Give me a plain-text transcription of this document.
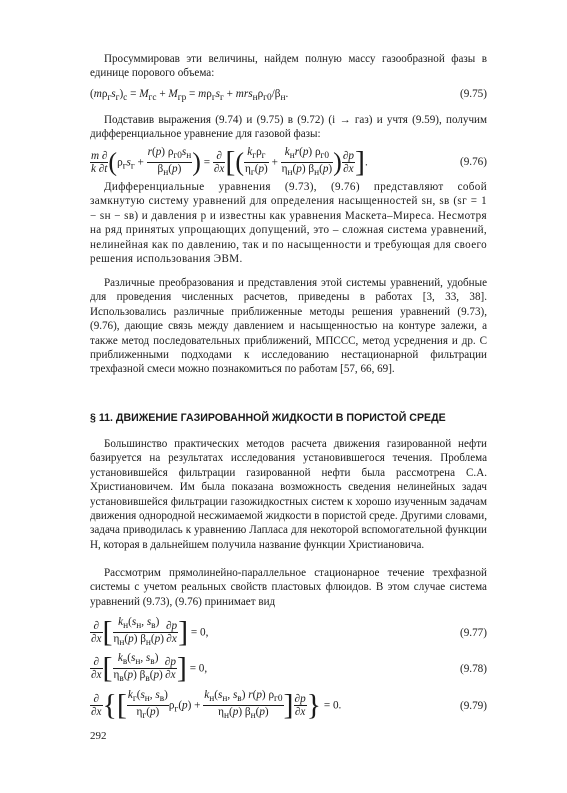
Просуммировав эти величины, найдем полную массу газообразной фазы в единице порового объема:

$(m\rho_гs_г)_с = M_{гс} + M_{гр} = m\rho_гs_г + mrs_н\rho_{г0}/\beta_н$.	(9.75)

Подставив выражения (9.74) и (9.75) в (9.72) (i → газ) и учтя (9.59), получим дифференциальное уравнение для газовой фазы:

$\frac{m \partial}{k \partial t} (\rho_гs_г + \frac{r(p) \rho_{г0}s_н}{\beta_н(p)}$ ) = $\frac{\partial}{\partial x}$ [( $\frac{k_г\rho_г}{\eta_г(p)} + \frac{k_нr(p) \rho_{г0}}{\eta_н(p) \beta_н(p)}$ ) $\frac{\partial p}{\partial x}$ ].	(9.76)

Дифференциальные уравнения (9.73), (9.76) представляют собой замкнутую систему уравнений для определения насыщенностей sн, sв (sг = 1 − sн − sв) и давления p и известны как уравнения Маскета–Миреса. Несмотря на ряд принятых упрощающих допущений, это – сложная система уравнений, нелинейная как по давлению, так и по насыщенности и требующая для своего решения использования ЭВМ.

Различные преобразования и представления этой системы уравнений, удобные для проведения численных расчетов, приведены в работах [3, 33, 38]. Использовались различные приближенные методы решения уравнений (9.73), (9.76), дающие связь между давлением и насыщенностью на контуре залежи, а также метод последовательных приближений, МПССС, метод усреднения и др. С приближенными подходами к исследованию нестационарной фильтрации трехфазной смеси можно познакомиться по работам [57, 66, 69].

§ 11. ДВИЖЕНИЕ ГАЗИРОВАННОЙ ЖИДКОСТИ В ПОРИСТОЙ СРЕДЕ

Большинство практических методов расчета движения газированной нефти базируется на результатах исследования установившегося течения. Проблема установившейся фильтрации газированной нефти была рассмотрена С.А. Христиановичем. Им была показана возможность сведения нелинейных задач установившейся фильтрации газожидкостных систем к хорошо изученным задачам движения однородной несжимаемой жидкости в пористой среде. Другими словами, задача приводилась к уравнению Лапласа для некоторой вспомогательной функции H, которая в дальнейшем получила название функции Христиановича.

Рассмотрим прямолинейно-параллельное стационарное течение трехфазной системы с учетом реальных свойств пластовых флюидов. В этом случае система уравнений (9.73), (9.76) принимает вид

$\frac{\partial}{\partial x}$ [ $\frac{k_н(s_н, s_в)}{\eta_н(p) \beta_н(p)} \frac{\partial p}{\partial x}$ ] = 0,	(9.77)
$\frac{\partial}{\partial x}$ [ $\frac{k_в(s_н, s_в)}{\eta_в(p) \beta_в(p)} \frac{\partial p}{\partial x}$ ] = 0,	(9.78)
$\frac{\partial}{\partial x}$ {[ $\frac{k_г(s_н, s_в)}{\eta_г(p)} \rho_г(p) + \frac{k_н(s_н, s_в) r(p) \rho_{г0}}{\eta_н(p) \beta_н(p)}$ ] $\frac{\partial p}{\partial x}$ } = 0.	(9.79)
292
